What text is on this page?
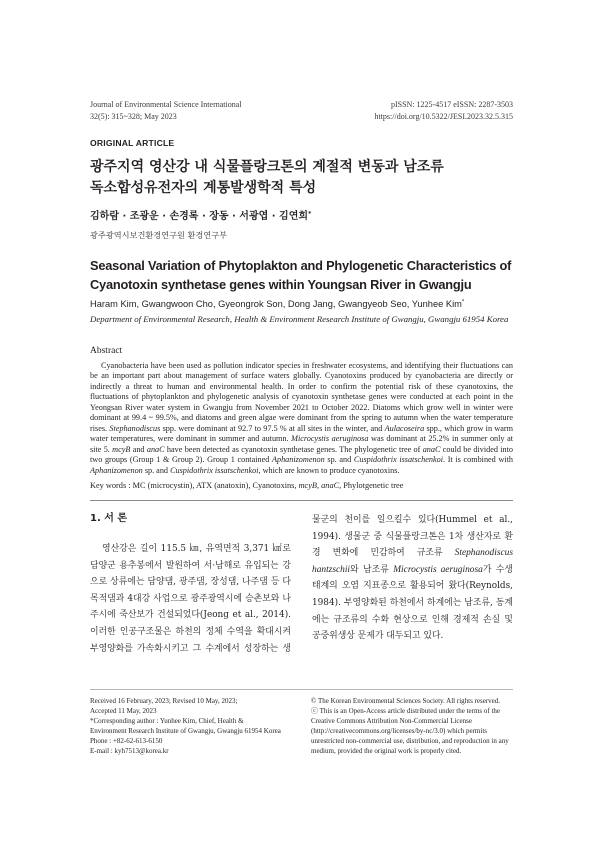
Journal of Environmental Science International
32(5): 315~328; May 2023
pISSN: 1225-4517 eISSN: 2287-3503
https://doi.org/10.5322/JESI.2023.32.5.315
ORIGINAL ARTICLE
광주지역 영산강 내 식물플랑크톤의 계절적 변동과 남조류
독소합성유전자의 계통발생학적 특성
김하람 · 조광운 · 손경록 · 장동 · 서광엽 · 김연희*
광주광역시보건환경연구원 환경연구부
Seasonal Variation of Phytoplakton and Phylogenetic Characteristics of
Cyanotoxin synthetase genes within Youngsan River in Gwangju
Haram Kim, Gwangwoon Cho, Gyeongrok Son, Dong Jang, Gwangyeob Seo, Yunhee Kim*
Department of Environmental Research, Health & Environment Research Institute of Gwangju, Gwangju 61954 Korea
Abstract

Cyanobacteria have been used as pollution indicator species in freshwater ecosystems, and identifying their fluctuations can be an important part about management of surface waters globally. Cyanotoxins produced by cyanobacteria are directly or indirectly a threat to human and environmental health. In order to confirm the potential risk of these cyanotoxins, the fluctuations of phytoplankton and phylogenetic analysis of cyanotoxin synthetase genes were conducted at each point in the Yeongsan River water system in Gwangju from November 2021 to October 2022. Diatoms which grow well in winter were dominant at 99.4 ~ 99.5%, and diatoms and green algae were dominant from the spring to autumn when the water temperature rises. Stephanodiscus spp. were dominant at 92.7 to 97.5 % at all sites in the winter, and Aulacoseira spp., which grow in warm water temperatures, were dominant in summer and autumn. Microcystis aeruginosa was dominant at 25.2% in summer only at site 5. mcyB and anaC have been detected as cyanotoxin synthetase genes. The phylogenetic tree of anaC could be divided into two groups (Group 1 & Group 2). Group 1 contained Aphanizomenon sp. and Cuspidothrix issatschenkoi. It is combined with Aphanizomenon sp. and Cuspidothrix issatschenkoi, which are known to produce cyanotoxins.

Key words : MC (microcystin), ATX (anatoxin), Cyanotoxins, mcyB, anaC, Phylotgenetic tree
1. 서 론

영산강은 길이 115.5 ㎞, 유역면적 3,371 ㎢로 담양군 용추봉에서 발원하여 서·남해로 유입되는 강으로 상류에는 담양댐, 광주댐, 장성댐, 나주댐 등 다목적댐과 4대강 사업으로 광주광역시에 승촌보와 나주시에 죽산보가 건설되었다(Jeong et al., 2014). 이러한 인공구조물은 하천의 정체 수역을 확대시켜 부영양화를 가속화시키고 그 수계에서 성장하는 생물군의 천이를 일으킬수 있다(Hummel et al., 1994). 생물군 중 식물플랑크톤은 1차 생산자로 환경 변화에 민감하여 규조류 Stephanodiscus hantzschii와 남조류 Microcystis aeruginosa가 수생태계의 오염 지표종으로 활용되어 왔다(Reynolds, 1984). 부영양화된 하천에서 하계에는 남조류, 동계에는 규조류의 수화 현상으로 인해 경제적 손실 및 공중위생상 문제가 대두되고 있다.

Received 16 February, 2023; Revised 10 May, 2023;
Accepted 11 May, 2023
*Corresponding author : Yunhee Kim, Chief, Health &
Environment Research Institute of Gwangju, Gwangju 61954 Korea
Phone : +82-62-613-6150
E-mail : kyh7513@korea.kr
© The Korean Environmental Sciences Society. All rights reserved.
ⓒ This is an Open-Access article distributed under the terms of the Creative Commons Attribution Non-Commercial License (http://creativecommons.org/licenses/by-nc/3.0) which permits unrestricted non-commercial use, distribution, and reproduction in any medium, provided the original work is properly cited.
